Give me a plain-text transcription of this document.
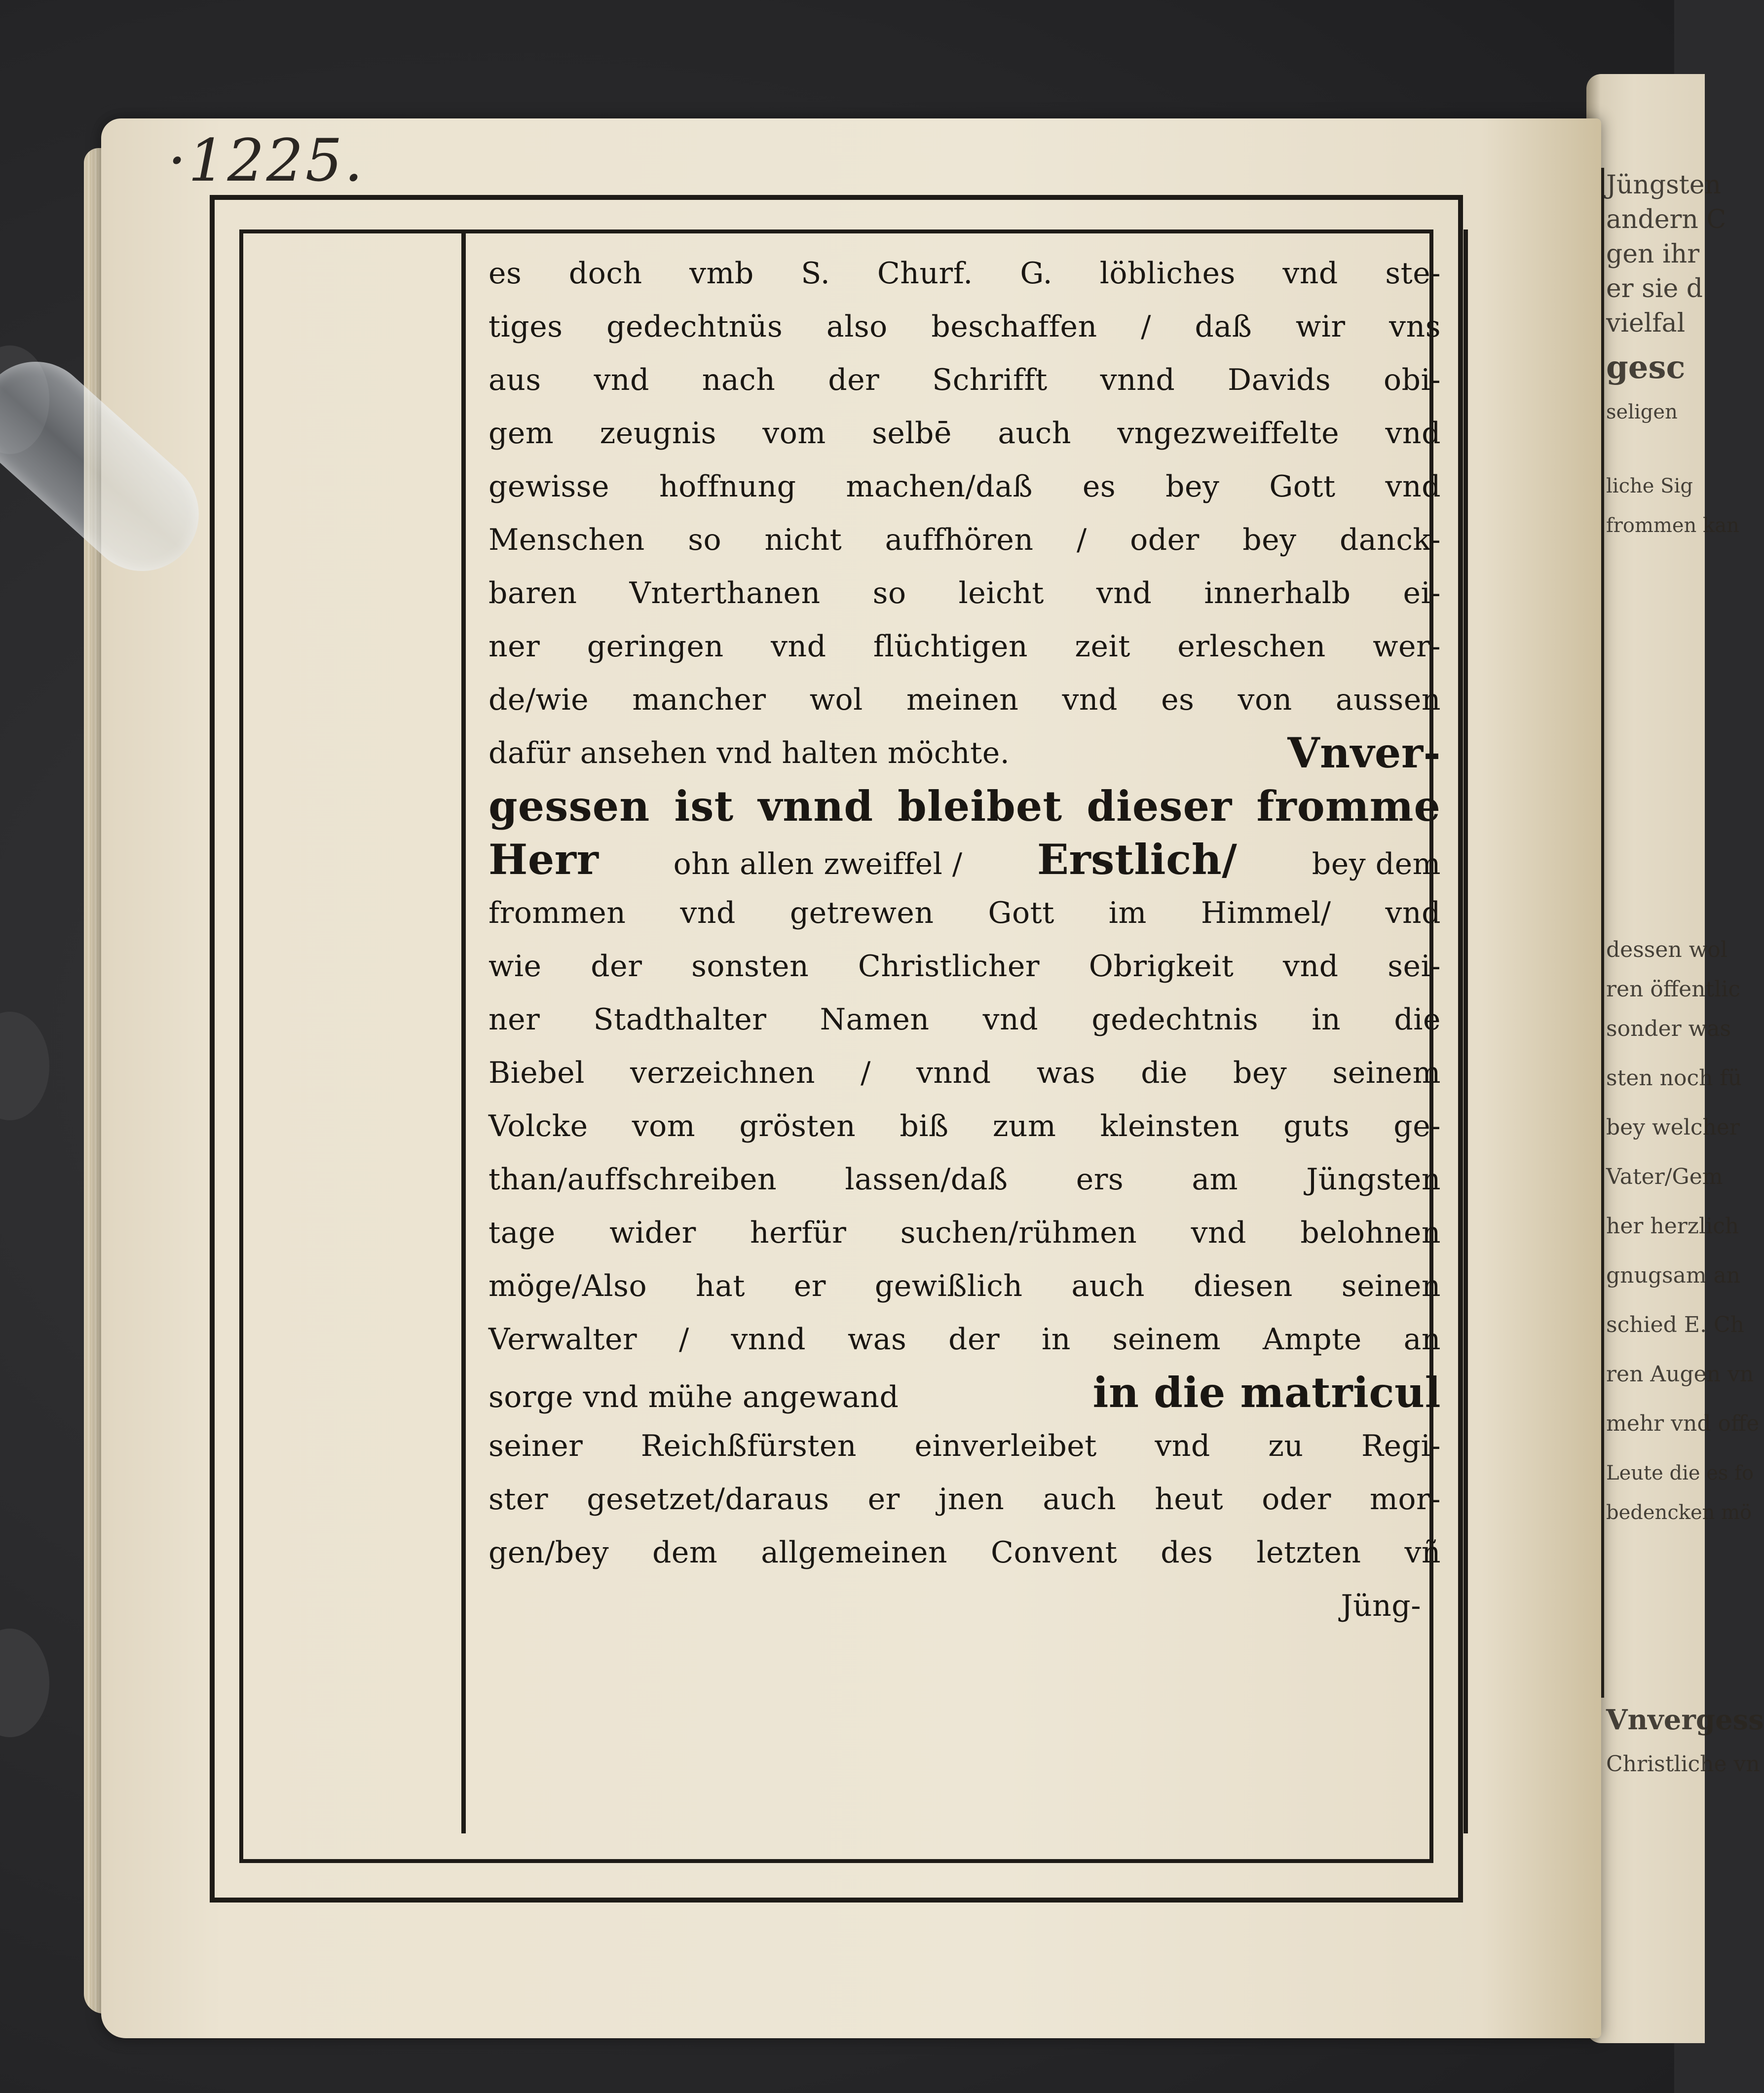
Jüngsten
andern C
gen ihr
er sie d
vielfal
gesc
seligen
liche Sig
frommen kan
dessen wol
ren öffentlic
sonder was
sten noch fü
bey welcher
Vater/Gem
her herzlich
gnugsam an
schied E. Ch
ren Augen vn
mehr vnd offe
Leute die es fo
bedencken mö
Vnvergess
Christliche vn
·1225.
es doch vmb S. Churf. G. löbliches vnd ste-
tiges gedechtnüs also beschaffen / daß wir vns
aus vnd nach der Schrifft vnnd Davids obi-
gem zeugnis vom selbē auch vngezweiffelte vnd
gewisse hoffnung machen/daß es bey Gott vnd
Menschen so nicht auffhören / oder bey danck-
baren Vnterthanen so leicht vnd innerhalb ei-
ner geringen vnd flüchtigen zeit erleschen wer-
de/wie mancher wol meinen vnd es von aussen
dafür ansehen vnd halten möchte.	Vnver-
gessen ist vnnd bleibet dieser fromme
Herr	ohn allen zweiffel / Erstlich/	bey dem
frommen vnd getrewen Gott im Himmel/ vnd
wie der sonsten Christlicher Obrigkeit vnd sei-
ner Stadthalter Namen vnd gedechtnis in die
Biebel verzeichnen / vnnd was die bey seinem
Volcke vom grösten biß zum kleinsten guts ge-
than/auffschreiben lassen/daß ers am Jüngsten
tage wider herfür suchen/rühmen vnd belohnen
möge/Also hat er gewißlich auch diesen seinen
Verwalter / vnnd was der in seinem Ampte an
sorge vnd mühe angewand	in die matricul
seiner Reichßfürsten einverleibet vnd zu Regi-
ster gesetzet/daraus er jnen auch heut oder mor-
gen/bey dem allgemeinen Convent des letzten vñ
Jüng-
